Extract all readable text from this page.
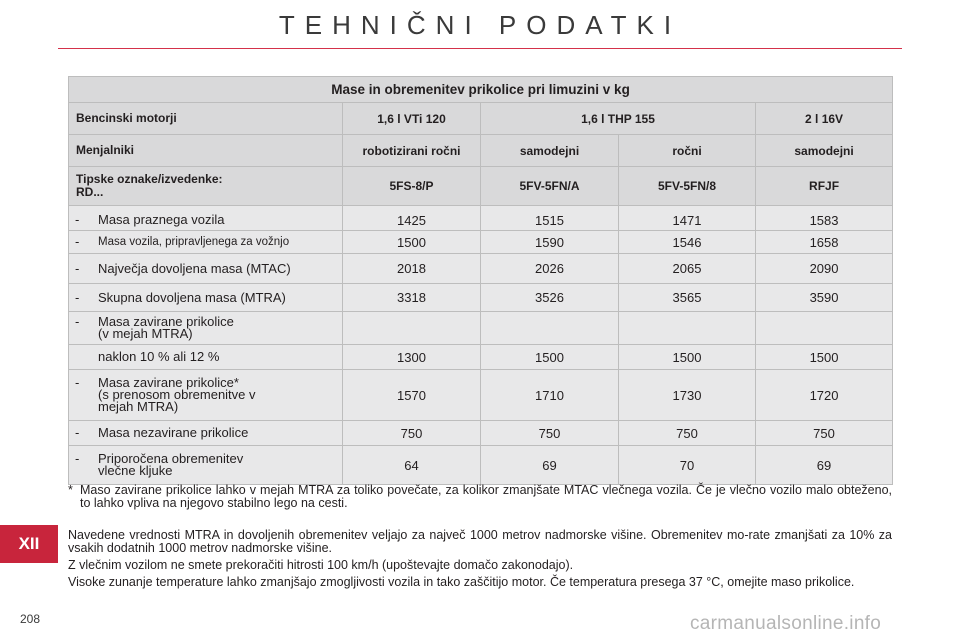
TEHNIČNI PODATKI
Mase in obremenitev prikolice pri limuzini v kg				
Bencinski motorji	1,6 l VTi 120	1,6 l THP 155		2 l 16V
Menjalniki	robotizirani ročni	samodejni	ročni	samodejni
Tipske oznake/izvedenke:
RD...	5FS-8/P	5FV-5FN/A	5FV-5FN/8	RFJF

- Masa praznega vozila	1425	1515	1471	1583

- Masa vozila, pripravljenega za vožnjo	1500	1590	1546	1658

- Največja dovoljena masa (MTAC)	2018	2026	2065	2090

- Skupna dovoljena masa (MTRA)	3318	3526	3565	3590

- Masa zavirane prikolice
(v mejah MTRA)				

naklon 10 % ali 12 %	1300	1500	1500	1500

- Masa zavirane prikolice*
(s prenosom obremenitve v
mejah MTRA)	1570	1710	1730	1720

- Masa nezavirane prikolice	750	750	750	750

- Priporočena obremenitev
vlečne kljuke	64	69	70	69
* Maso zavirane prikolice lahko v mejah MTRA za toliko povečate, za kolikor zmanjšate MTAC vlečnega vozila. Če je vlečno vozilo malo obteženo, to lahko vpliva na njegovo stabilno lego na cesti.
XII	Navedene vrednosti MTRA in dovoljenih obremenitev veljajo za največ 1000 metrov nadmorske višine. Obremenitev mo-rate zmanjšati za 10% za vsakih dodatnih 1000 metrov nadmorske višine.

Z vlečnim vozilom ne smete prekoračiti hitrosti 100 km/h (upoštevajte domačo zakonodajo).

Visoke zunanje temperature lahko zmanjšajo zmogljivosti vozila in tako zaščitijo motor. Če temperatura presega 37 °C, omejite maso prikolice.

208	carmanualsonline.info
